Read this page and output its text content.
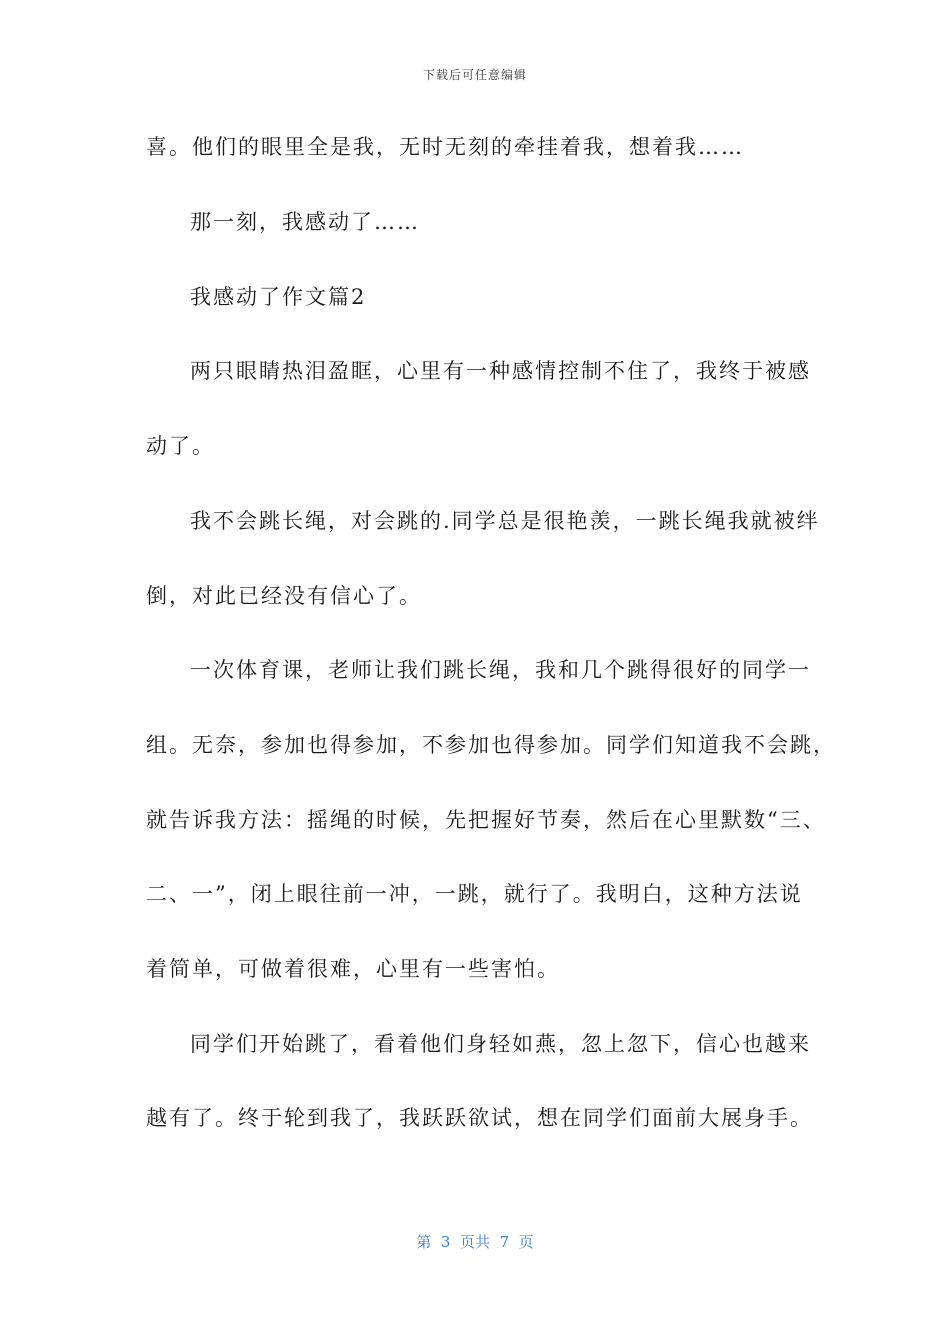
下载后可任意编辑
喜。他们的眼里全是我，无时无刻的牵挂着我，想着我……
那一刻，我感动了……
我感动了作文篇2
两只眼睛热泪盈眶，心里有一种感情控制不住了，我终于被感
动了。
我不会跳长绳，对会跳的.同学总是很艳羡，一跳长绳我就被绊
倒，对此已经没有信心了。
一次体育课，老师让我们跳长绳，我和几个跳得很好的同学一
组。无奈，参加也得参加，不参加也得参加。同学们知道我不会跳，
就告诉我方法：摇绳的时候，先把握好节奏，然后在心里默数“三、
二、一”，闭上眼往前一冲，一跳，就行了。我明白，这种方法说
着简单，可做着很难，心里有一些害怕。
同学们开始跳了，看着他们身轻如燕，忽上忽下，信心也越来
越有了。终于轮到我了，我跃跃欲试，想在同学们面前大展身手。
第  3  页共  7  页
